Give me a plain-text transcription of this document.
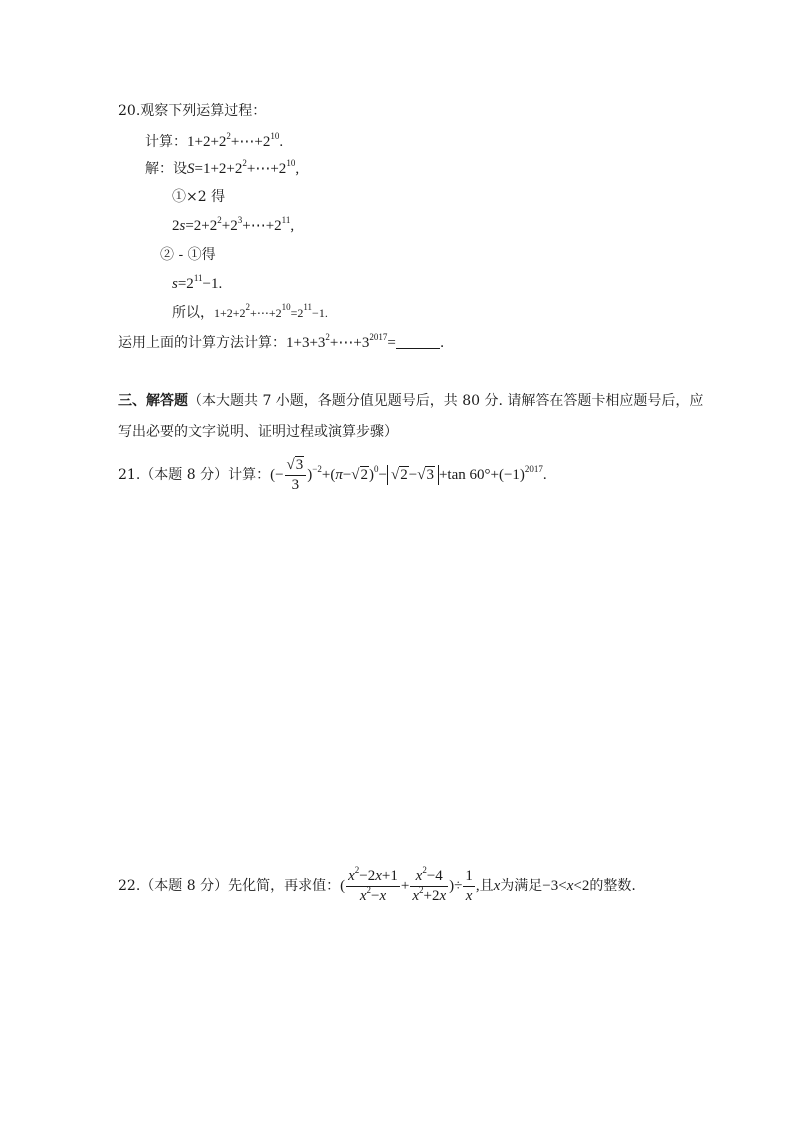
20.观察下列运算过程：
计算：$1+2+2^2+\cdots+2^{10}$.
解：设$S=1+2+2^2+\cdots+2^{10}$,
①×2 得
$2s=2+2^2+2^3+\cdots+2^{11}$,
② - ①得
$s=2^{11}-1$.
所以，$1+2+2^2+\cdots+2^{10}=2^{11}-1$.
运用上面的计算方法计算：$1+3+3^2+\cdots+3^{2017}=$	.
三、解答题（本大题共 7 小题，各题分值见题号后，共 80 分. 请解答在答题卡相应题号后，应
写出必要的文字说明、证明过程或演算步骤）
21.（本题 8 分）计算：(− $\frac{√3}{3} )^{-2}+(\pi-√2)^0- √2-√3 +\tan$ $60^\circ+(-1)^{2017}$.
22.（本题 8 分）先化简，再求值：( $\frac{x^2-2x+1}{x^2-x} + \frac{x^2-4}{x^2+2x}$ )÷ $\frac{1}{x}$ ,且x为满足−3<x<2的整数.
